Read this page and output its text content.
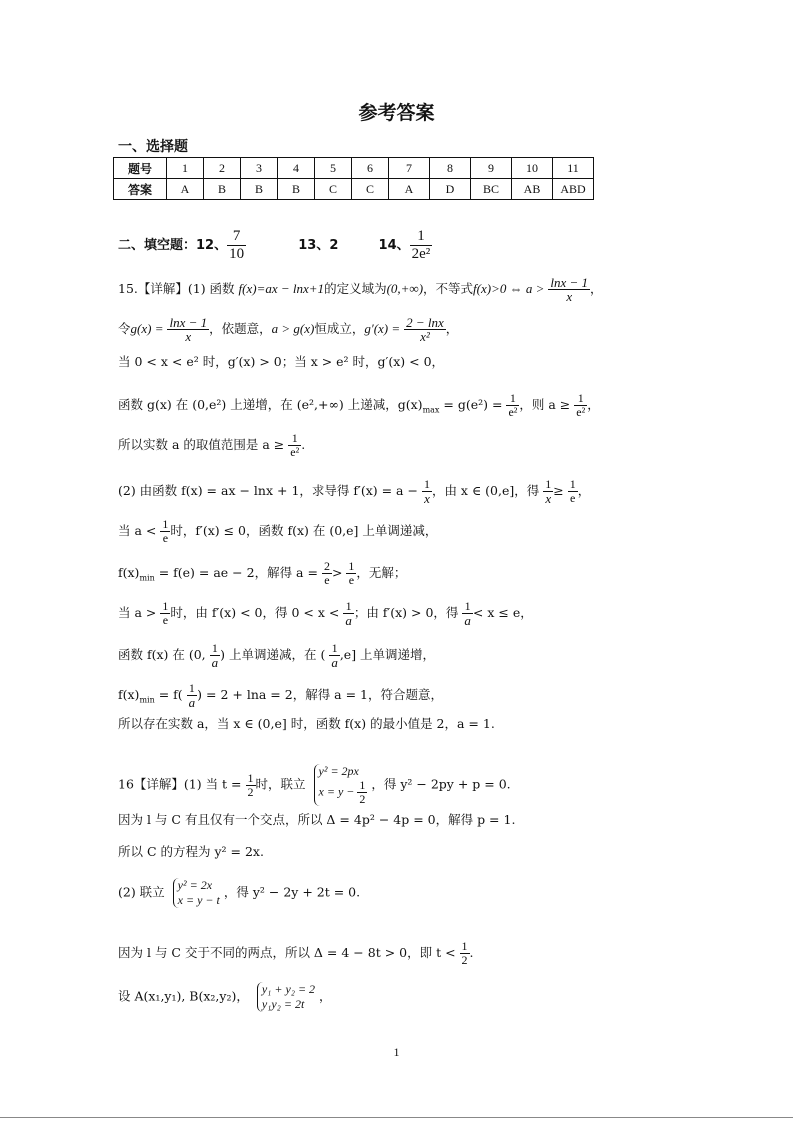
参考答案
一、选择题
题号	1	2	3	4	5	6	7	8	9	10	11
答案	A	B	B	B	C	C	A	D	BC	AB	ABD
二、填空题：12、 $\frac{7}{10}$	13、2	14、 $\frac{1}{\text{2e²}}$
15.【详解】(1) 函数 f(x)=ax − lnx+1的定义域为(0,+∞)，不等式f(x)>0 ⇔ $a > \frac{\ln x - 1}{x}$ ，
令$g(x) = \frac{\ln x - 1}{x}$ ，依题意，a > g(x)恒成立，$g'(x) = \frac{2 - \ln x}{\text{x²}}$ ，
当 0 < x < e² 时，g′(x) > 0；当 x > e² 时，g′(x) < 0，
函数 g(x) 在 (0,e²) 上递增，在 (e²,+∞) 上递减，$g(x)_{max} = g(e^2) = \frac{1}{\text{e²}}$ ，则 $a \ge \frac{1}{\text{e²}}$ ，
所以实数 a 的取值范围是 $a \ge \frac{1}{\text{e²}}$ .
(2) 由函数 f(x) = ax − lnx + 1，求导得 $f'(x) = a - \frac{1}{x}$ ，由 x ∈ (0,e]，得 $\frac{1}{x} \ge \frac{1}{e}$ ，
当 $a < \frac{1}{e}$ 时，f′(x) ≤ 0，函数 f(x) 在 (0,e] 上单调递减，
$f(x)_{min} = f(e)$ = ae − 2，解得 $a = \frac{2}{e} > \frac{1}{e}$ ，无解；
当 $a > \frac{1}{e}$ 时，由 f′(x) < 0，得 $0 < x < \frac{1}{a}$ ；由 f′(x) > 0，得 $\frac{1}{a} < x \le e$，
函数 f(x) 在 (0, $\frac{1}{a}$ ) 上单调递减，在 ( $\frac{1}{a} ,e$] 上单调递增，
$f(x)_{min} = f( \frac{1}{a}$ ) = 2 + lna = 2，解得 a = 1，符合题意，
所以存在实数 a，当 x ∈ (0,e] 时，函数 f(x) 的最小值是 2，a = 1.
16【详解】(1) 当 $t = \frac{1}{2}$ 时，联立
y² = 2px
$x = y - \frac{1}{2}$ ，得 y² − 2py + p = 0.
因为 l 与 C 有且仅有一个交点，所以 Δ = 4p² − 4p = 0，解得 p = 1.
所以 C 的方程为 y² = 2x.
(2) 联立 y² = 2x
x = y − t
，得 y² − 2y + 2t = 0.
因为 l 与 C 交于不同的两点，所以 Δ = 4 − 8t > 0，即 $t < \frac{1}{2}$ .
设 A(x₁,y₁), B(x₂,y₂)， y₁ + y₂ = 2
y₁y₂ = 2t
，
1
